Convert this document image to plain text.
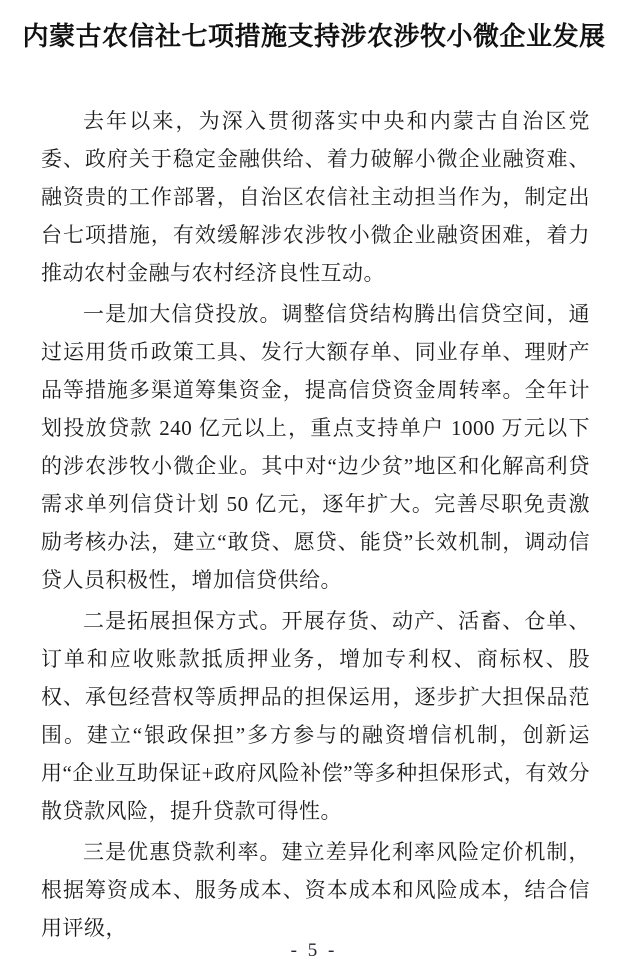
内蒙古农信社七项措施支持涉农涉牧小微企业发展

去年以来，为深入贯彻落实中央和内蒙古自治区党委、政府关于稳定金融供给、着力破解小微企业融资难、融资贵的工作部署，自治区农信社主动担当作为，制定出台七项措施，有效缓解涉农涉牧小微企业融资困难，着力推动农村金融与农村经济良性互动。

一是加大信贷投放。调整信贷结构腾出信贷空间，通过运用货币政策工具、发行大额存单、同业存单、理财产品等措施多渠道筹集资金，提高信贷资金周转率。全年计划投放贷款 240 亿元以上，重点支持单户 1000 万元以下的涉农涉牧小微企业。其中对“边少贫”地区和化解高利贷需求单列信贷计划 50 亿元，逐年扩大。完善尽职免责激励考核办法，建立“敢贷、愿贷、能贷”长效机制，调动信贷人员积极性，增加信贷供给。

二是拓展担保方式。开展存货、动产、活畜、仓单、订单和应收账款抵质押业务，增加专利权、商标权、股权、承包经营权等质押品的担保运用，逐步扩大担保品范围。建立“银政保担”多方参与的融资增信机制，创新运用“企业互助保证+政府风险补偿”等多种担保形式，有效分散贷款风险，提升贷款可得性。

三是优惠贷款利率。建立差异化利率风险定价机制，根据筹资成本、服务成本、资本成本和风险成本，结合信用评级，

- 5 -
